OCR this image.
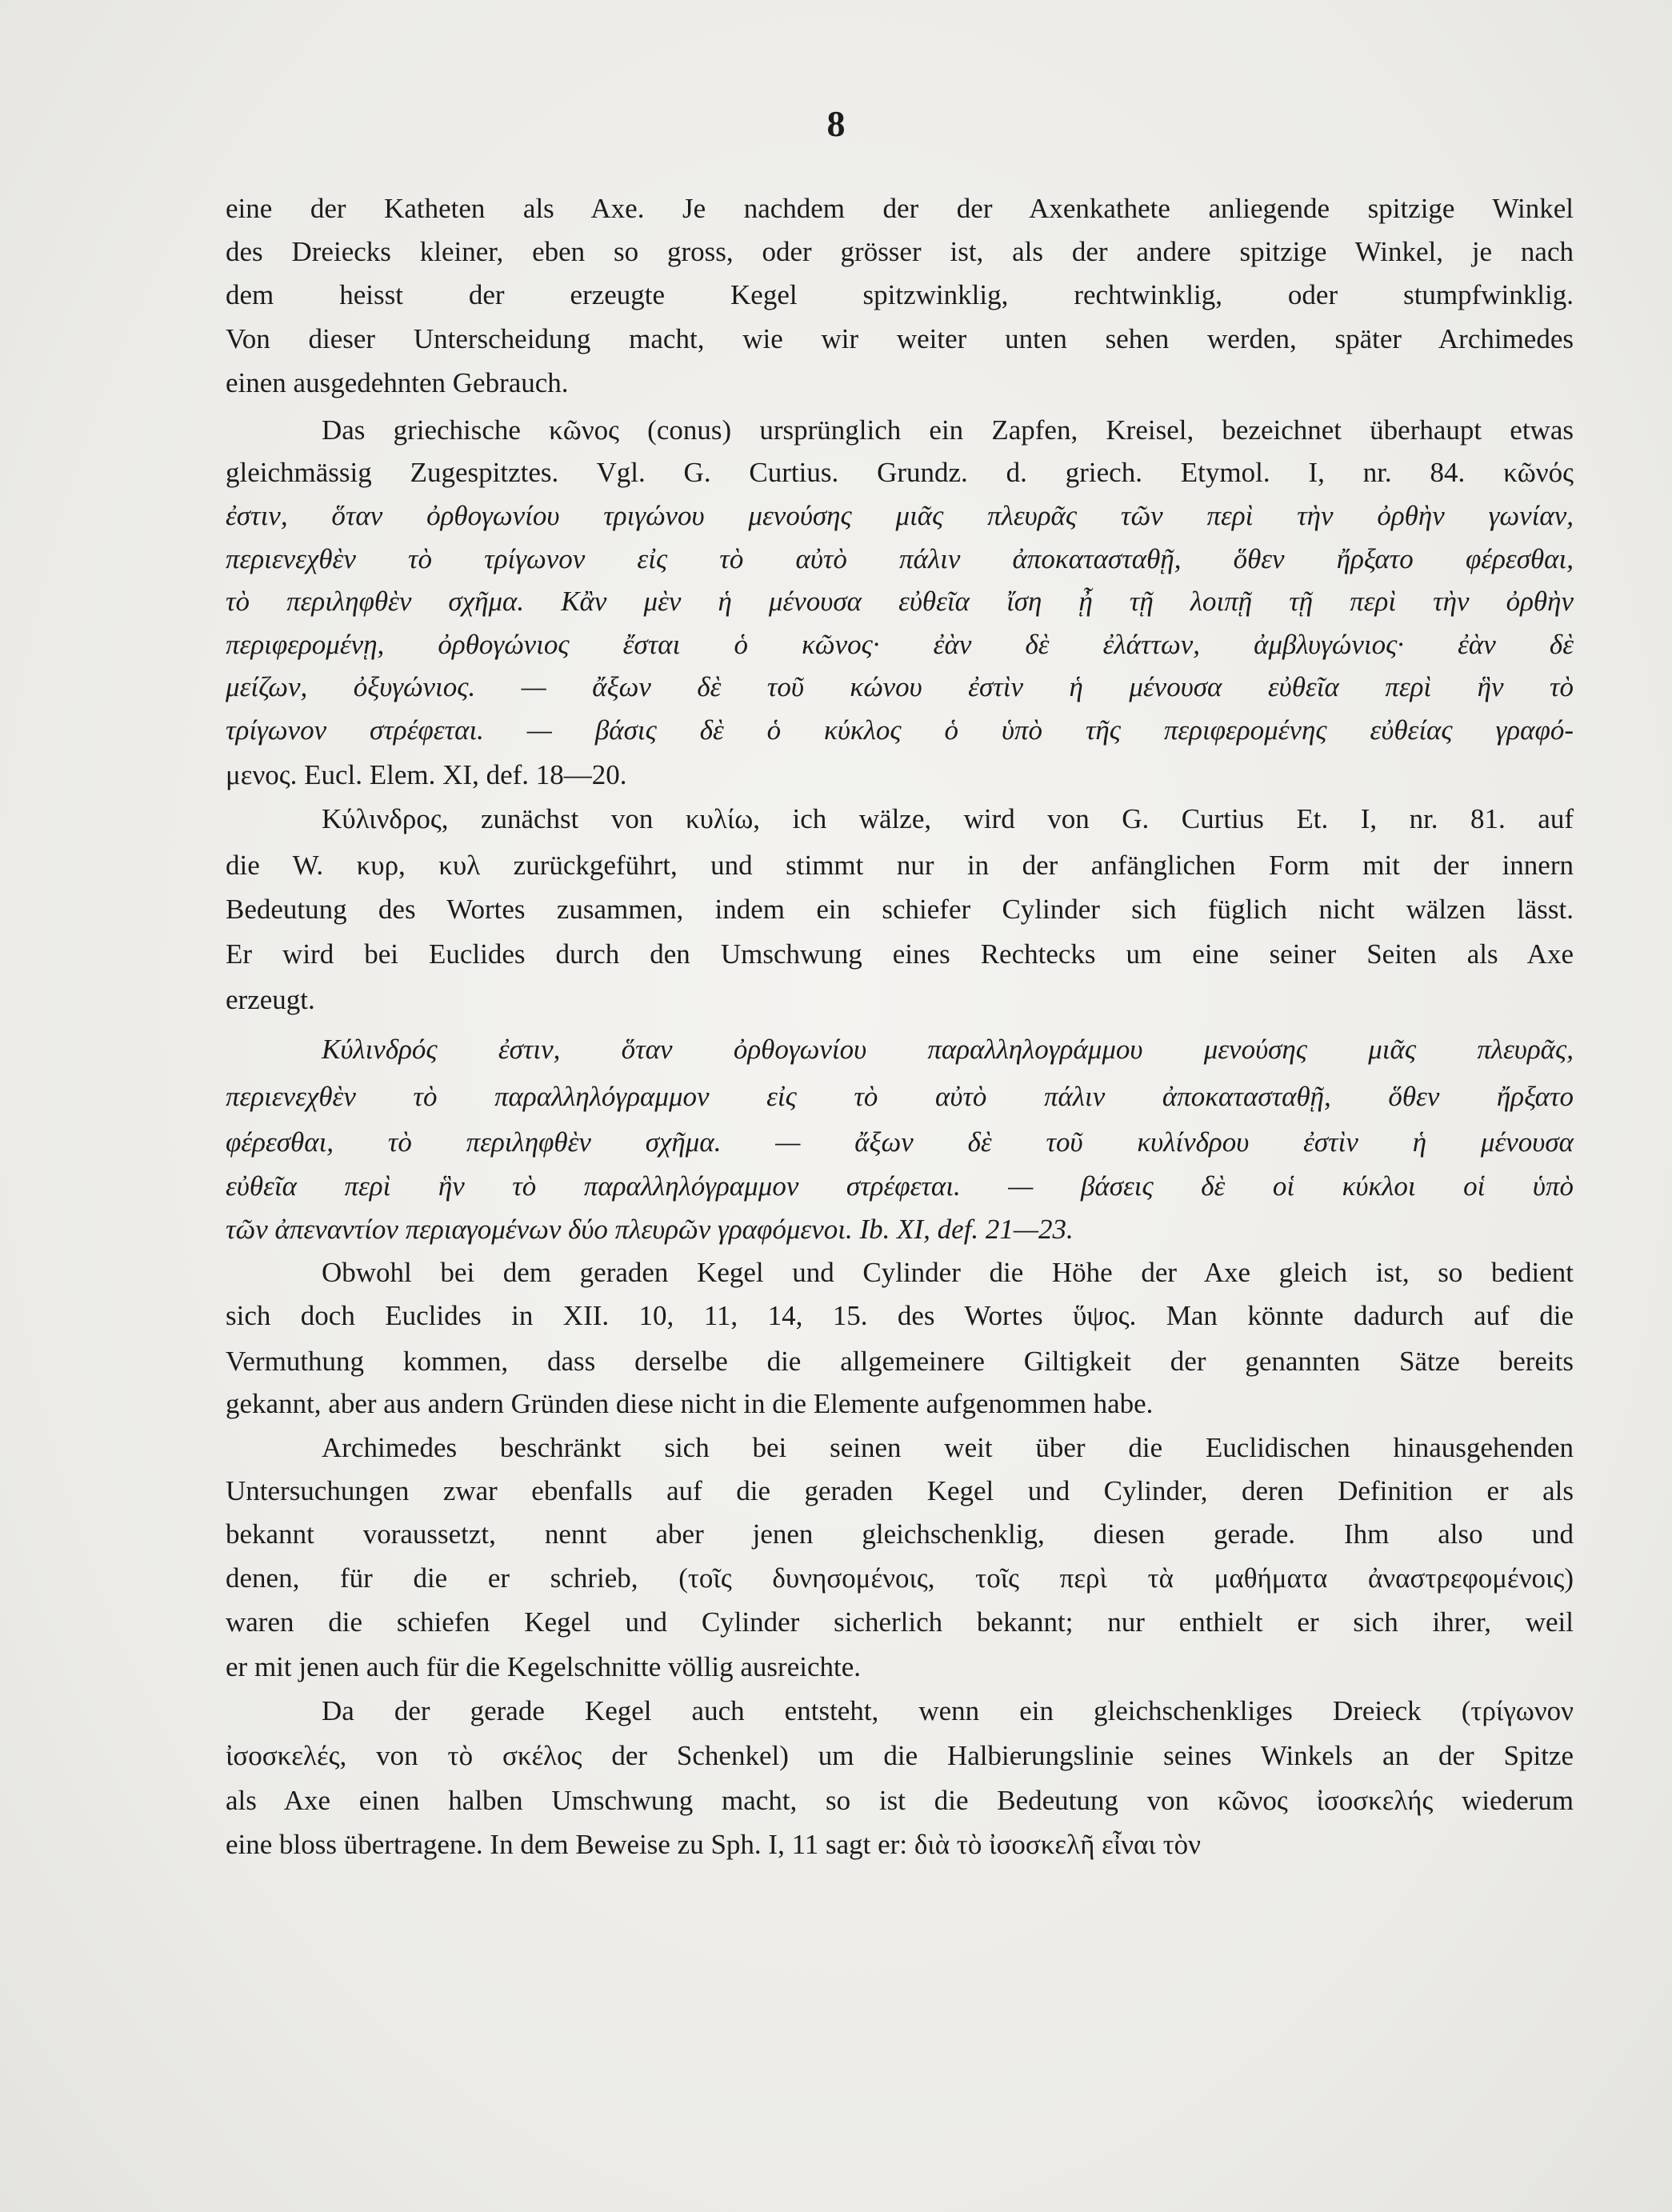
8
eine der Katheten als Axe. Je nachdem der der Axenkathete anliegende spitzige Winkel
des Dreiecks kleiner, eben so gross, oder grösser ist, als der andere spitzige Winkel, je nach
dem heisst der erzeugte Kegel spitzwinklig, rechtwinklig, oder stumpfwinklig.
Von dieser Unterscheidung macht, wie wir weiter unten sehen werden, später Archimedes
einen ausgedehnten Gebrauch.
Das griechische κῶνος (conus) ursprünglich ein Zapfen, Kreisel, bezeichnet überhaupt etwas
gleichmässig Zugespitztes. Vgl. G. Curtius. Grundz. d. griech. Etymol. I, nr. 84. κῶνός
ἐστιν, ὅταν ὀρθογωνίου τριγώνου μενούσης μιᾶς πλευρᾶς τῶν περὶ τὴν ὀρθὴν γωνίαν,
περιενεχθὲν τὸ τρίγωνον εἰς τὸ αὐτὸ πάλιν ἀποκατασταθῇ, ὅθεν ἤρξατο φέρεσθαι,
τὸ περιληφθὲν σχῆμα. Κἂν μὲν ἡ μένουσα εὐθεῖα ἴση ᾖ τῇ λοιπῇ τῇ περὶ τὴν ὀρθὴν
περιφερομένῃ, ὀρθογώνιος ἔσται ὁ κῶνος· ἐὰν δὲ ἐλάττων, ἀμβλυγώνιος· ἐὰν δὲ
μείζων, ὀξυγώνιος. — ἄξων δὲ τοῦ κώνου ἐστὶν ἡ μένουσα εὐθεῖα περὶ ἣν τὸ
τρίγωνον στρέφεται. — βάσις δὲ ὁ κύκλος ὁ ὑπὸ τῆς περιφερομένης εὐθείας γραφό-
μενος. Eucl. Elem. XI, def. 18—20.
Κύλινδρος, zunächst von κυλίω, ich wälze, wird von G. Curtius Et. I, nr. 81. auf
die W. κυρ, κυλ zurückgeführt, und stimmt nur in der anfänglichen Form mit der innern
Bedeutung des Wortes zusammen, indem ein schiefer Cylinder sich füglich nicht wälzen lässt.
Er wird bei Euclides durch den Umschwung eines Rechtecks um eine seiner Seiten als Axe
erzeugt.
Κύλινδρός ἐστιν, ὅταν ὀρθογωνίου παραλληλογράμμου μενούσης μιᾶς πλευρᾶς,
περιενεχθὲν τὸ παραλληλόγραμμον εἰς τὸ αὐτὸ πάλιν ἀποκατασταθῇ, ὅθεν ἤρξατο
φέρεσθαι, τὸ περιληφθὲν σχῆμα. — ἄξων δὲ τοῦ κυλίνδρου ἐστὶν ἡ μένουσα
εὐθεῖα περὶ ἣν τὸ παραλληλόγραμμον στρέφεται. — βάσεις δὲ οἱ κύκλοι οἱ ὑπὸ
τῶν ἀπεναντίον περιαγομένων δύο πλευρῶν γραφόμενοι. Ib. XI, def. 21—23.
Obwohl bei dem geraden Kegel und Cylinder die Höhe der Axe gleich ist, so bedient
sich doch Euclides in XII. 10, 11, 14, 15. des Wortes ὕψος. Man könnte dadurch auf die
Vermuthung kommen, dass derselbe die allgemeinere Giltigkeit der genannten Sätze bereits
gekannt, aber aus andern Gründen diese nicht in die Elemente aufgenommen habe.
Archimedes beschränkt sich bei seinen weit über die Euclidischen hinausgehenden
Untersuchungen zwar ebenfalls auf die geraden Kegel und Cylinder, deren Definition er als
bekannt voraussetzt, nennt aber jenen gleichschenklig, diesen gerade. Ihm also und
denen, für die er schrieb, (τοῖς δυνησομένοις, τοῖς περὶ τὰ μαθήματα ἀναστρεφομένοις)
waren die schiefen Kegel und Cylinder sicherlich bekannt; nur enthielt er sich ihrer, weil
er mit jenen auch für die Kegelschnitte völlig ausreichte.
Da der gerade Kegel auch entsteht, wenn ein gleichschenkliges Dreieck (τρίγωνον
ἰσοσκελές, von τὸ σκέλος der Schenkel) um die Halbierungslinie seines Winkels an der Spitze
als Axe einen halben Umschwung macht, so ist die Bedeutung von κῶνος ἰσοσκελής wiederum
eine bloss übertragene. In dem Beweise zu Sph. I, 11 sagt er: διὰ τὸ ἰσοσκελῆ εἶναι τὸν
